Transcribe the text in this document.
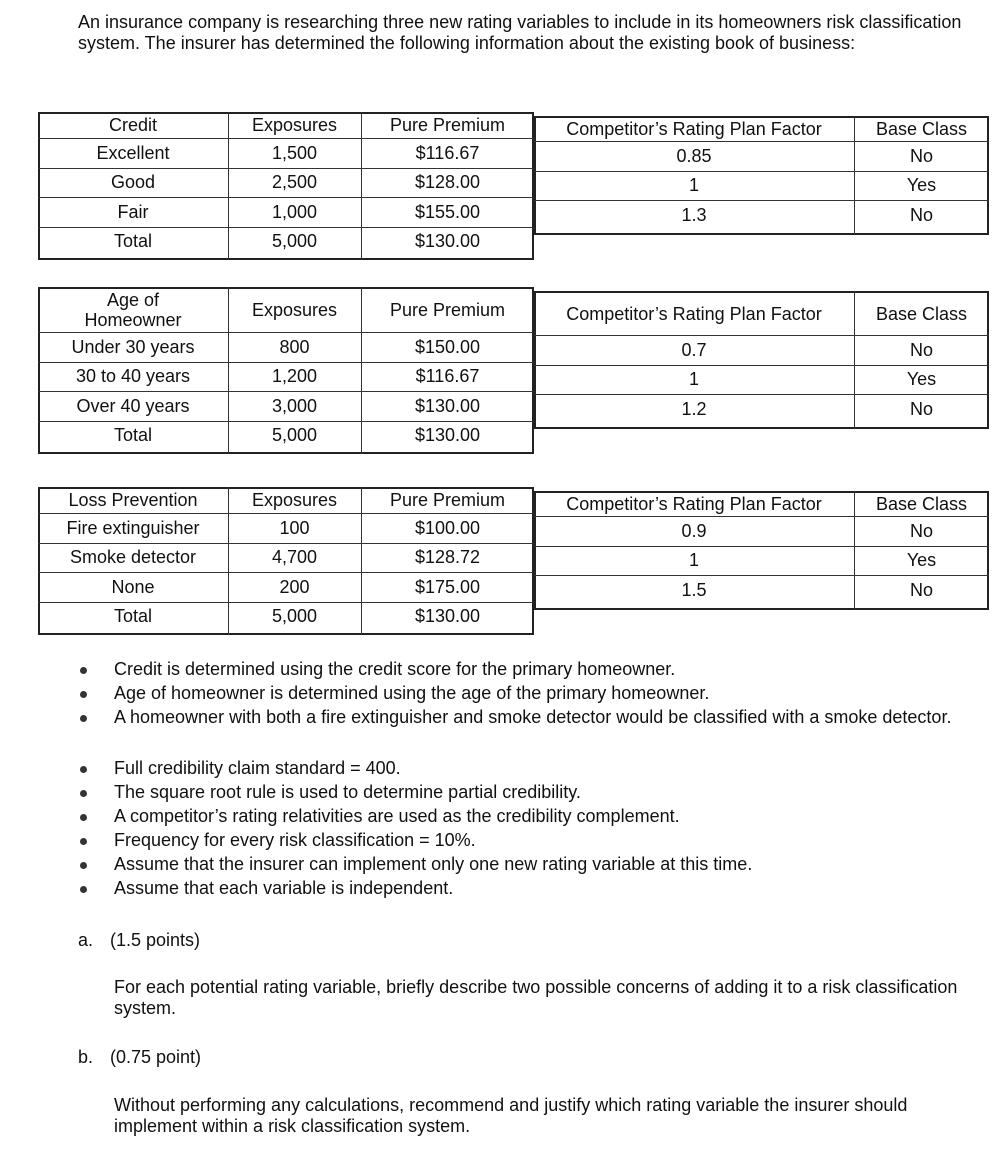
An insurance company is researching three new rating variables to include in its homeowners risk classification system. The insurer has determined the following information about the existing book of business:

Credit	Exposures	Pure Premium	Competitor’s Rating Plan Factor	Base Class
Excellent	1,500	$116.67	0.85	No
Good	2,500	$128.00	1	Yes
Fair	1,000	$155.00	1.3	No
Total	5,000	$130.00
Age of
Homeowner	Exposures	Pure Premium	Competitor’s Rating Plan Factor	Base Class
Under 30 years	800	$150.00	0.7	No
30 to 40 years	1,200	$116.67	1	Yes
Over 40 years	3,000	$130.00	1.2	No
Total	5,000	$130.00
Loss Prevention	Exposures	Pure Premium	Competitor’s Rating Plan Factor	Base Class
Fire extinguisher	100	$100.00	0.9	No
Smoke detector	4,700	$128.72	1	Yes
None	200	$175.00	1.5	No
Total	5,000	$130.00
Credit is determined using the credit score for the primary homeowner.
Age of homeowner is determined using the age of the primary homeowner.
A homeowner with both a fire extinguisher and smoke detector would be classified with a smoke detector.
Full credibility claim standard = 400.
The square root rule is used to determine partial credibility.
A competitor’s rating relativities are used as the credibility complement.
Frequency for every risk classification = 10%.
Assume that the insurer can implement only one new rating variable at this time.
Assume that each variable is independent.
a. (1.5 points)
For each potential rating variable, briefly describe two possible concerns of adding it to a risk classification system.
b. (0.75 point)
Without performing any calculations, recommend and justify which rating variable the insurer should implement within a risk classification system.
